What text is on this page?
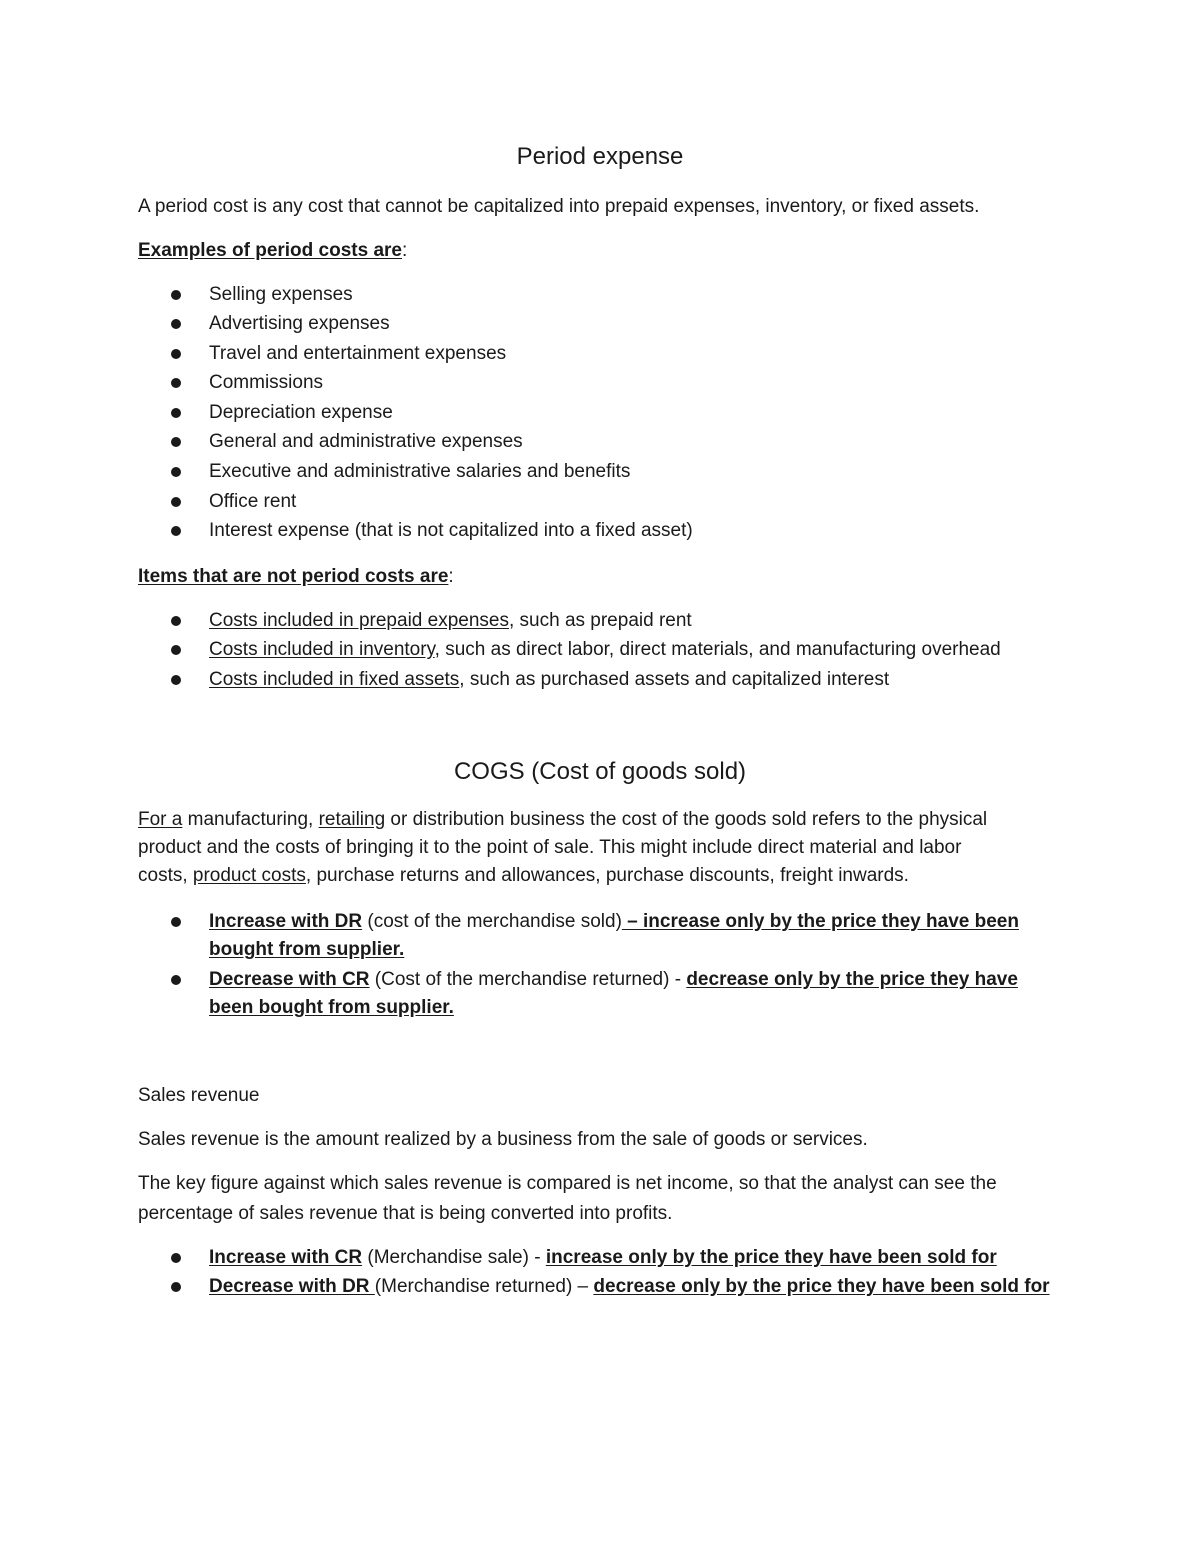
Period expense

A period cost is any cost that cannot be capitalized into prepaid expenses, inventory, or fixed assets.

Examples of period costs are:

Selling expenses

Advertising expenses

Travel and entertainment expenses

Commissions

Depreciation expense

General and administrative expenses

Executive and administrative salaries and benefits

Office rent

Interest expense (that is not capitalized into a fixed asset)

Items that are not period costs are:

Costs included in prepaid expenses, such as prepaid rent

Costs included in inventory, such as direct labor, direct materials, and manufacturing overhead

Costs included in fixed assets, such as purchased assets and capitalized interest

COGS (Cost of goods sold)

For a manufacturing, retailing or distribution business the cost of the goods sold refers to the physical

product and the costs of bringing it to the point of sale. This might include direct material and labor

costs, product costs, purchase returns and allowances, purchase discounts, freight inwards.

Increase with DR (cost of the merchandise sold) – increase only by the price they have been

bought from supplier.

Decrease with CR (Cost of the merchandise returned) - decrease only by the price they have

been bought from supplier.

Sales revenue

Sales revenue is the amount realized by a business from the sale of goods or services.

The key figure against which sales revenue is compared is net income, so that the analyst can see the

percentage of sales revenue that is being converted into profits.

Increase with CR (Merchandise sale) - increase only by the price they have been sold for

Decrease with DR (Merchandise returned) – decrease only by the price they have been sold for
